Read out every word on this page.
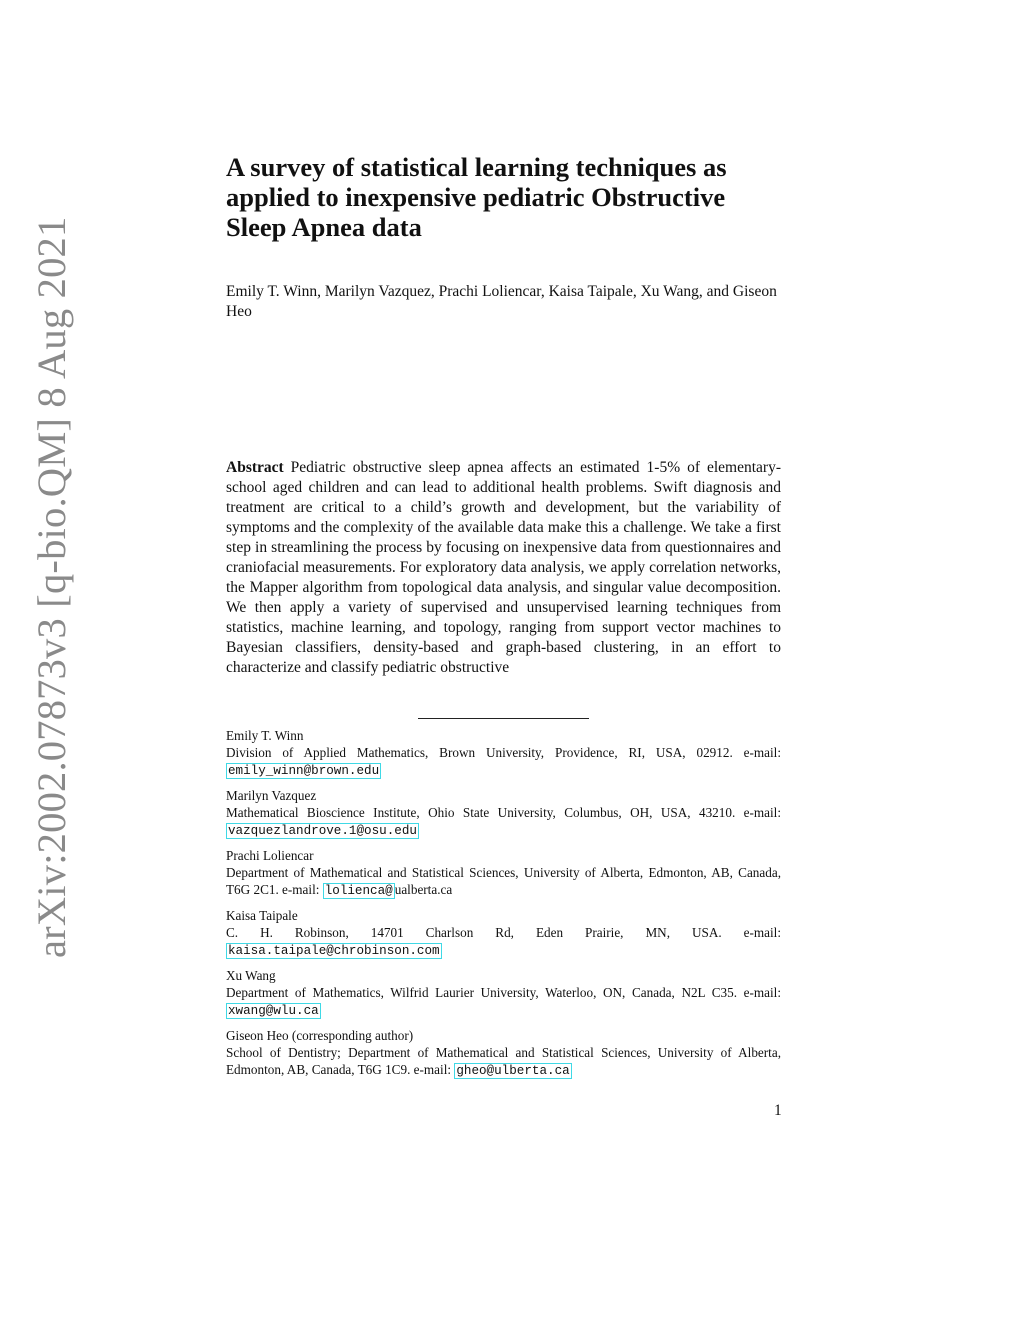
arXiv:2002.07873v3 [q-bio.QM] 8 Aug 2021
A survey of statistical learning techniques as applied to inexpensive pediatric Obstructive Sleep Apnea data
Emily T. Winn, Marilyn Vazquez, Prachi Loliencar, Kaisa Taipale, Xu Wang, and Giseon Heo
Abstract Pediatric obstructive sleep apnea affects an estimated 1-5% of elementary-school aged children and can lead to additional health problems. Swift diagnosis and treatment are critical to a child’s growth and development, but the variability of symptoms and the complexity of the available data make this a challenge. We take a first step in streamlining the process by focusing on inexpensive data from questionnaires and craniofacial measurements. For exploratory data analysis, we apply correlation networks, the Mapper algorithm from topological data analysis, and singular value decomposition. We then apply a variety of supervised and unsupervised learning techniques from statistics, machine learning, and topology, ranging from support vector machines to Bayesian classifiers, density-based and graph-based clustering, in an effort to characterize and classify pediatric obstructive
Emily T. Winn
Division of Applied Mathematics, Brown University, Providence, RI, USA, 02912. e-mail: emily_winn@brown.edu
Marilyn Vazquez
Mathematical Bioscience Institute, Ohio State University, Columbus, OH, USA, 43210. e-mail: vazquezlandrove.1@osu.edu
Prachi Loliencar
Department of Mathematical and Statistical Sciences, University of Alberta, Edmonton, AB, Canada, T6G 2C1. e-mail: lolienca@ ualberta.ca
Kaisa Taipale
C. H. Robinson, 14701 Charlson Rd, Eden Prairie, MN, USA. e-mail: kaisa.taipale@chrobinson.com
Xu Wang
Department of Mathematics, Wilfrid Laurier University, Waterloo, ON, Canada, N2L C35. e-mail: xwang@wlu.ca
Giseon Heo (corresponding author)
School of Dentistry; Department of Mathematical and Statistical Sciences, University of Alberta, Edmonton, AB, Canada, T6G 1C9. e-mail: gheo@ulberta.ca
1
